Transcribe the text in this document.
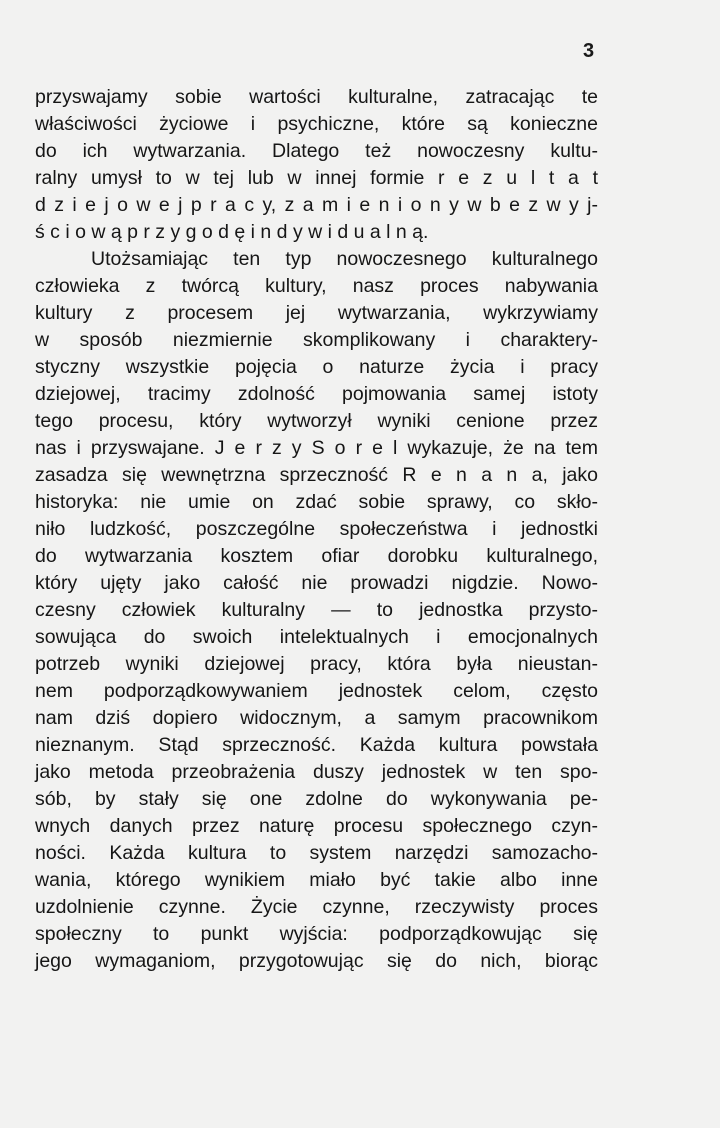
3
przyswajamy sobie wartości kulturalne, zatracając te
właściwości życiowe i psychiczne, które są konieczne
do ich wytwarzania. Dlatego też nowoczesny kultu-
ralny umysł to w tej lub w innej formie r e z u l t a t
d z i e j o w e j p r a c y, z a m i e n i o n y w b e z w y j-
ś c i o w ą p r z y g o d ę i n d y w i d u a l n ą.
Utożsamiając ten typ nowoczesnego kulturalnego
człowieka z twórcą kultury, nasz proces nabywania
kultury z procesem jej wytwarzania, wykrzywiamy
w sposób niezmiernie skomplikowany i charaktery-
styczny wszystkie pojęcia o naturze życia i pracy
dziejowej, tracimy zdolność pojmowania samej istoty
tego procesu, który wytworzył wyniki cenione przez
nas i przyswajane. J e r z y S o r e l wykazuje, że na tem
zasadza się wewnętrzna sprzeczność R e n a n a, jako
historyka: nie umie on zdać sobie sprawy, co skło-
niło ludzkość, poszczególne społeczeństwa i jednostki
do wytwarzania kosztem ofiar dorobku kulturalnego,
który ujęty jako całość nie prowadzi nigdzie. Nowo-
czesny człowiek kulturalny — to jednostka przysto-
sowująca do swoich intelektualnych i emocjonalnych
potrzeb wyniki dziejowej pracy, która była nieustan-
nem podporządkowywaniem jednostek celom, często
nam dziś dopiero widocznym, a samym pracownikom
nieznanym. Stąd sprzeczność. Każda kultura powstała
jako metoda przeobrażenia duszy jednostek w ten spo-
sób, by stały się one zdolne do wykonywania pe-
wnych danych przez naturę procesu społecznego czyn-
ności. Każda kultura to system narzędzi samozacho-
wania, którego wynikiem miało być takie albo inne
uzdolnienie czynne. Życie czynne, rzeczywisty proces
społeczny to punkt wyjścia: podporządkowując się
jego wymaganiom, przygotowując się do nich, biorąc
